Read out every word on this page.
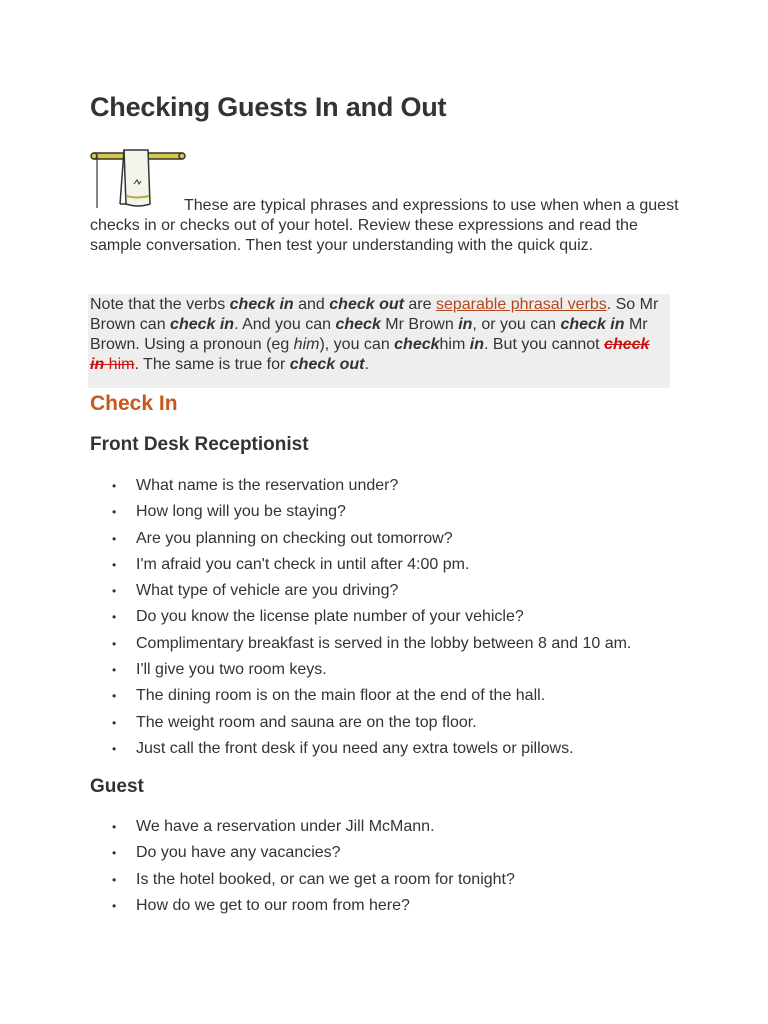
Checking Guests In and Out

These are typical phrases and expressions to use when when a guest checks in or checks out of your hotel. Review these expressions and read the sample conversation. Then test your understanding with the quick quiz.

Note that the verbs check in and check out are separable phrasal verbs. So Mr Brown can check in. And you can check Mr Brown in, or you can check in Mr Brown. Using a pronoun (eg him), you can checkhim in. But you cannot check in him. The same is true for check out.

Check In
Front Desk Receptionist
• What name is the reservation under?
• How long will you be staying?
• Are you planning on checking out tomorrow?
• I'm afraid you can't check in until after 4:00 pm.
• What type of vehicle are you driving?
• Do you know the license plate number of your vehicle?
• Complimentary breakfast is served in the lobby between 8 and 10 am.
• I'll give you two room keys.
• The dining room is on the main floor at the end of the hall.
• The weight room and sauna are on the top floor.
• Just call the front desk if you need any extra towels or pillows.
Guest
• We have a reservation under Jill McMann.
• Do you have any vacancies?
• Is the hotel booked, or can we get a room for tonight?
• How do we get to our room from here?
